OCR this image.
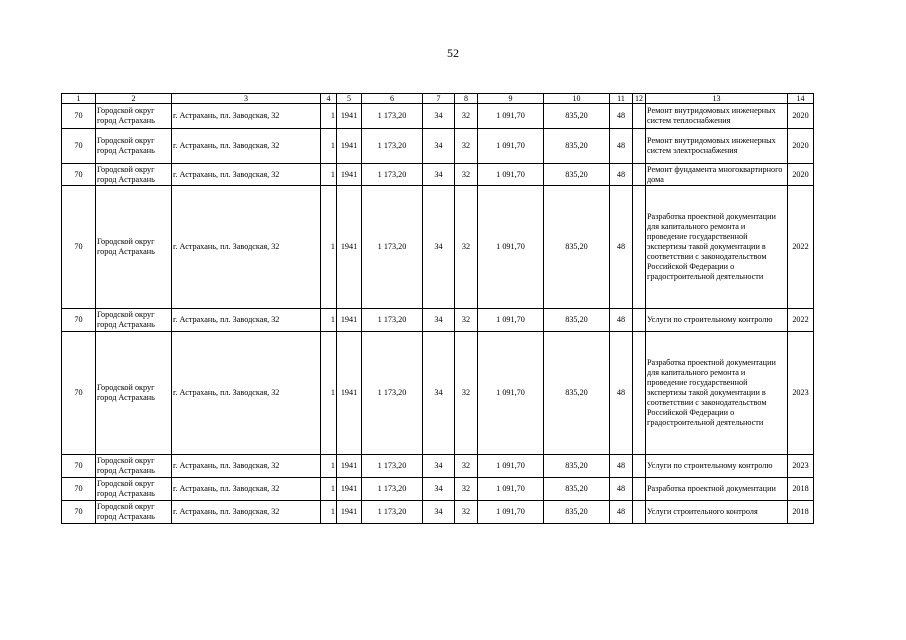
52
1	2	3	4	5	6	7	8	9	10	11	12	13	14
70	Городской округ город Астрахань	г. Астрахань, пл. Заводская, 32	1	1941	1 173,20	34	32	1 091,70	835,20	48		Ремонт внутридомовых инженерных систем теплоснабжения	2020
70	Городской округ город Астрахань	г. Астрахань, пл. Заводская, 32	1	1941	1 173,20	34	32	1 091,70	835,20	48		Ремонт внутридомовых инженерных систем электроснабжения	2020
70	Городской округ город Астрахань	г. Астрахань, пл. Заводская, 32	1	1941	1 173,20	34	32	1 091,70	835,20	48		Ремонт фундамента многоквартирного дома	2020
70	Городской округ город Астрахань	г. Астрахань, пл. Заводская, 32	1	1941	1 173,20	34	32	1 091,70	835,20	48		Разработка проектной документации для капитального ремонта и проведение государственной экспертизы такой документации в соответствии с законодательством Российской Федерации о градостроительной деятельности	2022
70	Городской округ город Астрахань	г. Астрахань, пл. Заводская, 32	1	1941	1 173,20	34	32	1 091,70	835,20	48		Услуги по строительному контролю	2022
70	Городской округ город Астрахань	г. Астрахань, пл. Заводская, 32	1	1941	1 173,20	34	32	1 091,70	835,20	48		Разработка проектной документации для капитального ремонта и проведение государственной экспертизы такой документации в соответствии с законодательством Российской Федерации о градостроительной деятельности	2023
70	Городской округ город Астрахань	г. Астрахань, пл. Заводская, 32	1	1941	1 173,20	34	32	1 091,70	835,20	48		Услуги по строительному контролю	2023
70	Городской округ город Астрахань	г. Астрахань, пл. Заводская, 32	1	1941	1 173,20	34	32	1 091,70	835,20	48		Разработка проектной документации	2018
70	Городской округ город Астрахань	г. Астрахань, пл. Заводская, 32	1	1941	1 173,20	34	32	1 091,70	835,20	48		Услуги строительного контроля	2018
